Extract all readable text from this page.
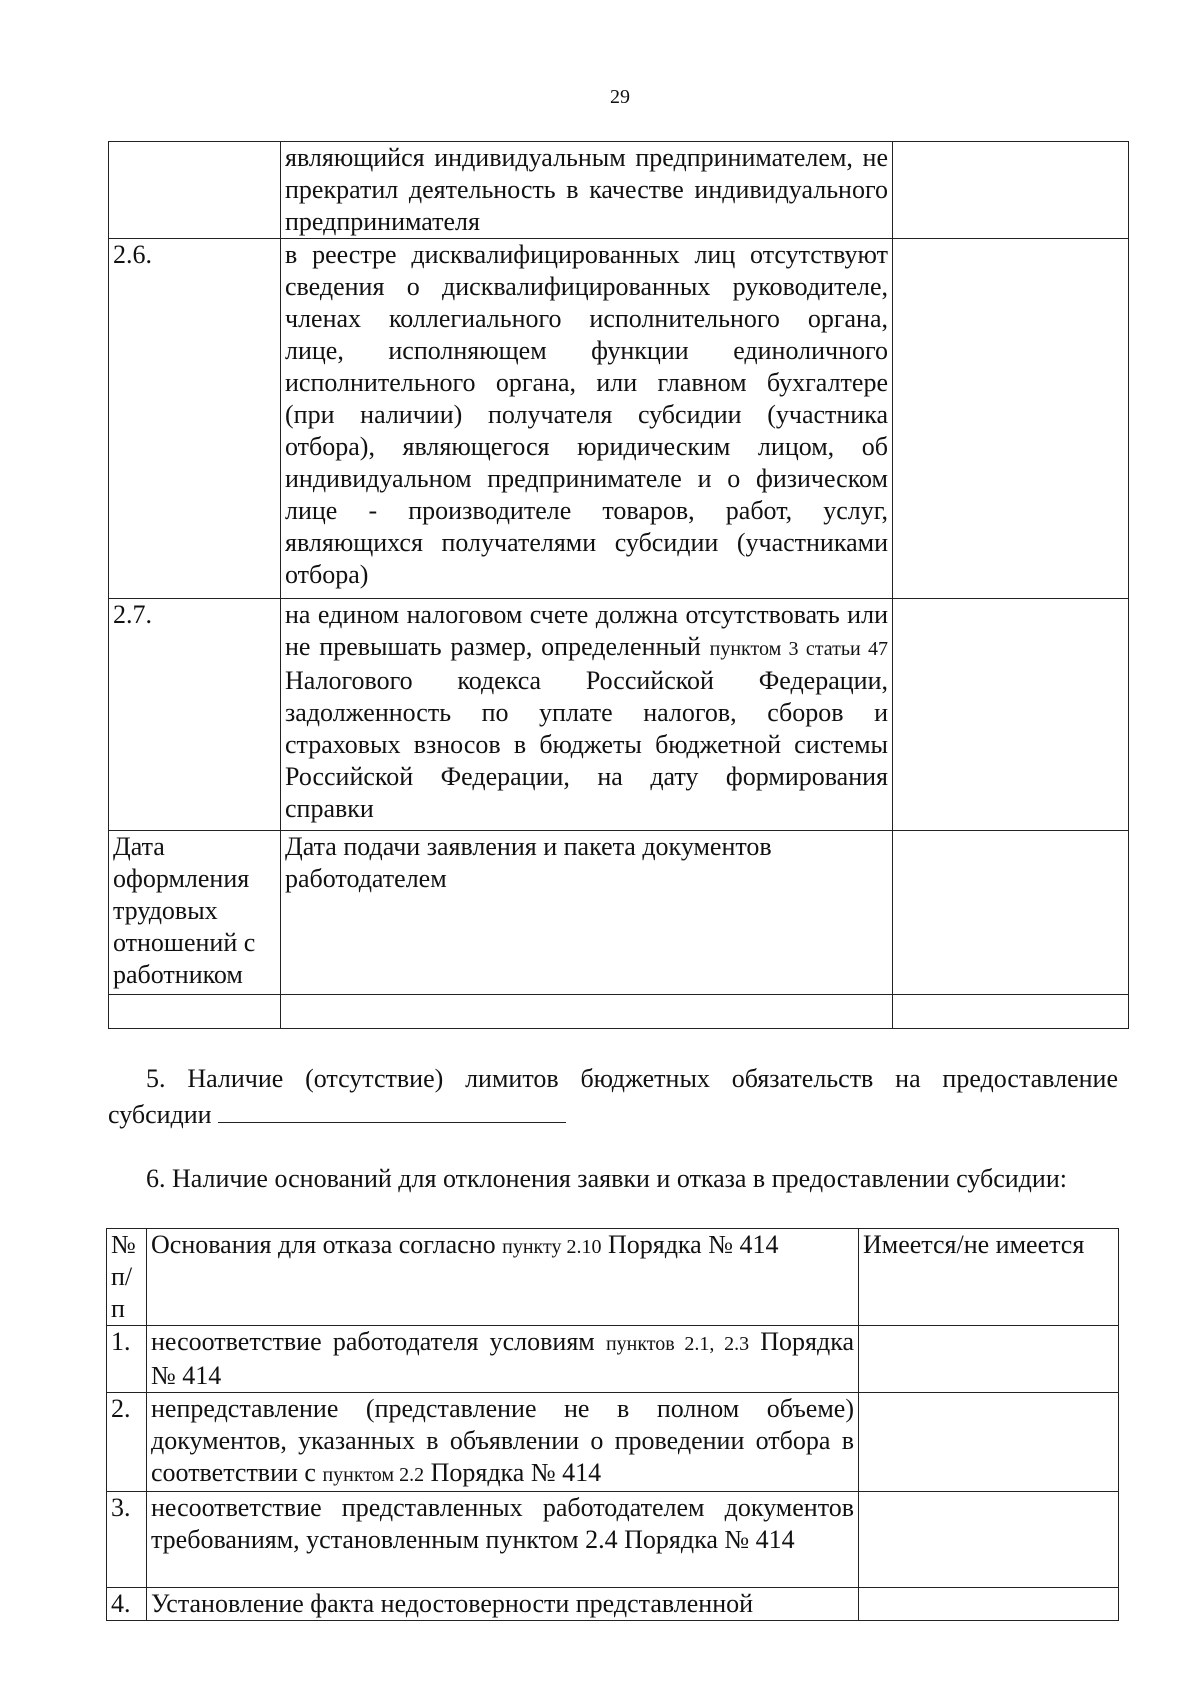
29
	являющийся индивидуальным предпринимателем, не прекратил деятельность в качестве индивидуального предпринимателя	
2.6.	в реестре дисквалифицированных лиц отсутствуют сведения о дисквалифицированных руководителе, членах коллегиального исполнительного органа, лице, исполняющем функции единоличного исполнительного органа, или главном бухгалтере (при наличии) получателя субсидии (участника отбора), являющегося юридическим лицом, об индивидуальном предпринимателе и о физическом лице - производителе товаров, работ, услуг, являющихся получателями субсидии (участниками отбора)	
2.7.	на едином налоговом счете должна отсутствовать или не превышать размер, определенный пунктом 3 статьи 47 Налогового кодекса Российской Федерации, задолженность по уплате налогов, сборов и страховых взносов в бюджеты бюджетной системы Российской Федерации, на дату формирования справки	
Дата оформления трудовых отношений с работником	Дата подачи заявления и пакета документов работодателем	

5. Наличие (отсутствие) лимитов бюджетных обязательств на предоставление субсидии
6. Наличие оснований для отклонения заявки и отказа в предоставлении субсидии:
№ п/п	Основания для отказа согласно пункту 2.10 Порядка № 414	Имеется/не имеется
1.	несоответствие работодателя условиям пунктов 2.1, 2.3 Порядка № 414	
2.	непредставление (представление не в полном объеме) документов, указанных в объявлении о проведении отбора в соответствии с пунктом 2.2 Порядка № 414	
3.	несоответствие представленных работодателем документов требованиям, установленным пунктом 2.4 Порядка № 414	
4.	Установление факта недостоверности представленной	
